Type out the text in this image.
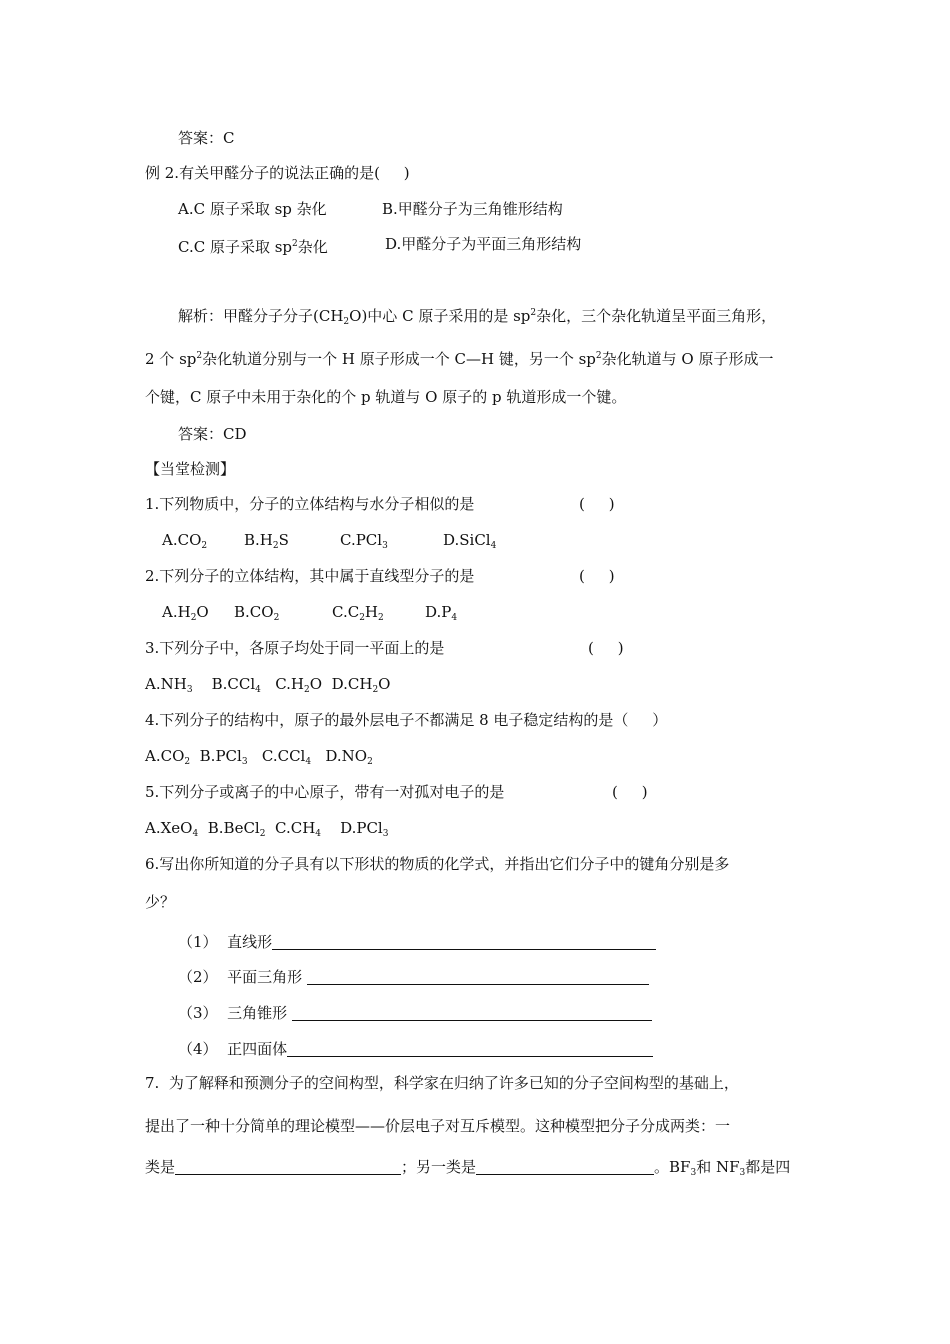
答案：C
例 2.有关甲醛分子的说法正确的是(     )
A.C 原子采取 sp 杂化	B.甲醛分子为三角锥形结构
C.C 原子采取 $sp^2$杂化	D.甲醛分子为平面三角形结构
解析：甲醛分子分子$(CH_2O)$中心 C 原子采用的是 $sp^2$杂化，三个杂化轨道呈平面三角形，
2 个 $sp^2$杂化轨道分别与一个 H 原子形成一个 C—H 键，另一个 $sp^2$杂化轨道与 O 原子形成一
个键，C 原子中未用于杂化的个 p 轨道与 O 原子的 p 轨道形成一个键。
答案：CD
【当堂检测】
1.下列物质中，分子的立体结构与水分子相似的是	(     )
$A.CO_2$ $B.H_2S$	C.PCl$_3$	D.SiCl$_4$
2.下列分子的立体结构，其中属于直线型分子的是	(     )
$A.H_2O$ $B.CO_2$	$C.C_2H_2$	$D.P_4$
3.下列分子中，各原子均处于同一平面上的是	(     )
$A.NH_3$ B.CCl$_4$ $C.H_2O$ $D.CH_2O$
4.下列分子的结构中，原子的最外层电子不都满足 8 电子稳定结构的是（     ）
$A.CO_2$ B.PCl$_3$ C.CCl$_4$ $D.NO_2$
5.下列分子或离子的中心原子，带有一对孤对电子的是	(     )
A.XeO$_4$ B.BeCl$_2$ $C.CH_4$ D.PCl$_3$
6.写出你所知道的分子具有以下形状的物质的化学式，并指出它们分子中的键角分别是多
少？
（1） 直线形
（2） 平面三角形
（3） 三角锥形
（4） 正四面体
7.  为了解释和预测分子的空间构型，科学家在归纳了许多已知的分子空间构型的基础上，
提出了一种十分简单的理论模型——价层电子对互斥模型。这种模型把分子分成两类：一
类是	；另一类是	。$BF_3$和 $NF_3$都是四
